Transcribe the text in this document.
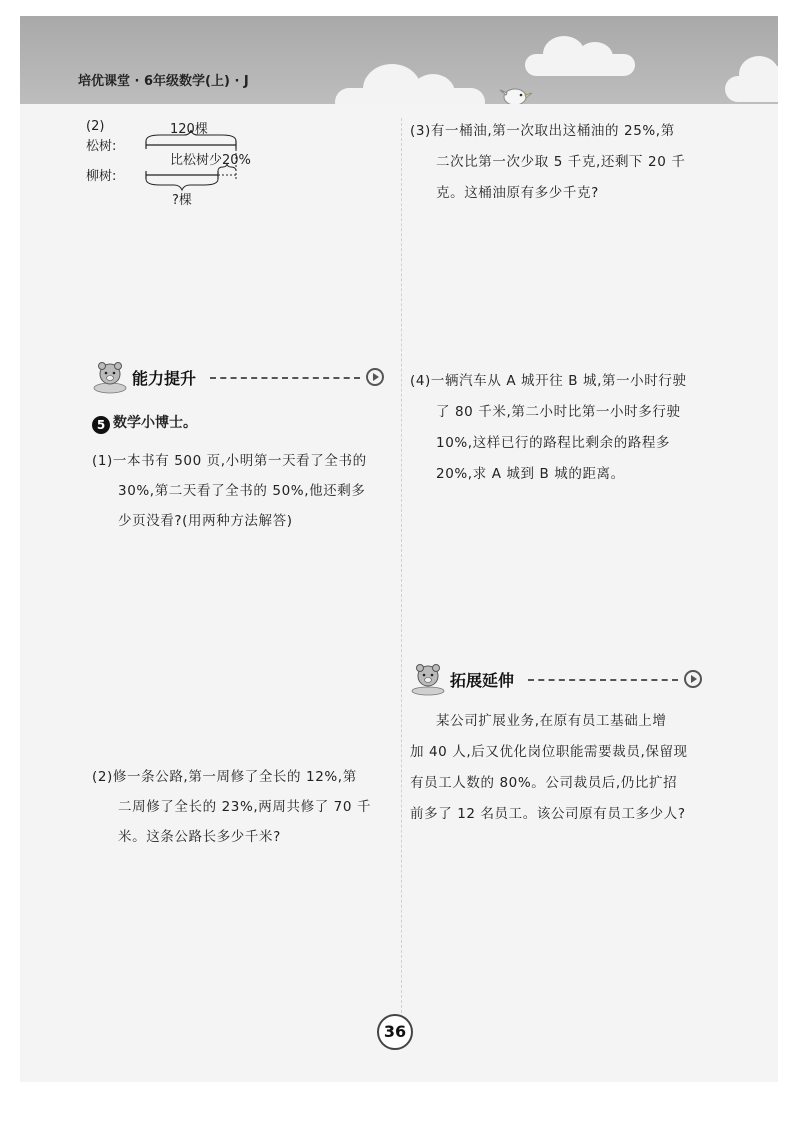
培优课堂 · 6年级数学(上) · J
(2)
松树:
柳树:
120棵
比松树少20%
?棵
能力提升
5 数学小博士。
(1)一本书有 500 页,小明第一天看了全书的
30%,第二天看了全书的 50%,他还剩多
少页没看?(用两种方法解答)
(2)修一条公路,第一周修了全长的 12%,第
二周修了全长的 23%,两周共修了 70 千
米。这条公路长多少千米?
(3)有一桶油,第一次取出这桶油的 25%,第
二次比第一次少取 5 千克,还剩下 20 千
克。这桶油原有多少千克?
(4)一辆汽车从 A 城开往 B 城,第一小时行驶
了 80 千米,第二小时比第一小时多行驶
10%,这样已行的路程比剩余的路程多
20%,求 A 城到 B 城的距离。
拓展延伸
某公司扩展业务,在原有员工基础上增
加 40 人,后又优化岗位职能需要裁员,保留现
有员工人数的 80%。公司裁员后,仍比扩招
前多了 12 名员工。该公司原有员工多少人?
36
